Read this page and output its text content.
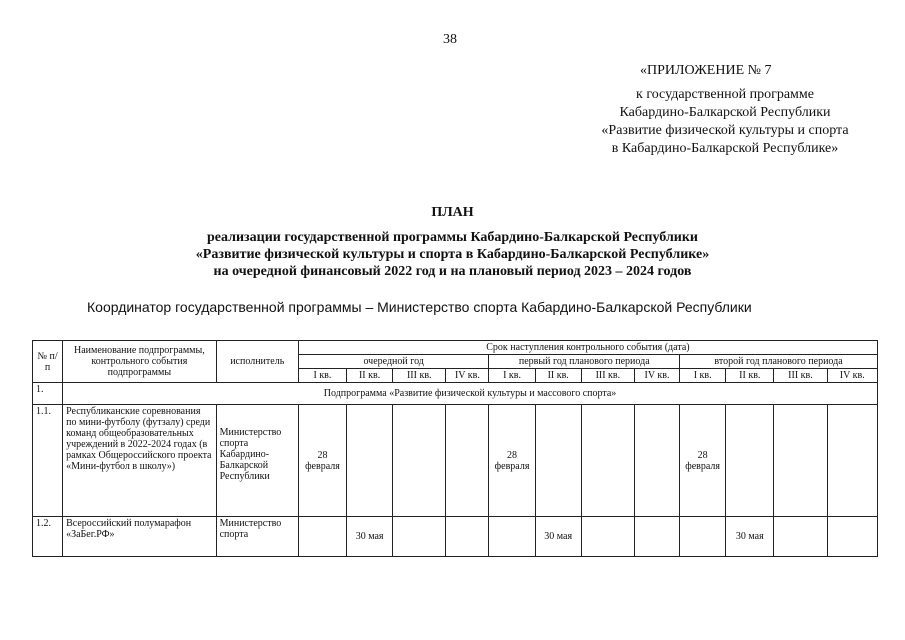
38
«ПРИЛОЖЕНИЕ № 7
к государственной программе
Кабардино-Балкарской Республики
«Развитие физической культуры и спорта
в Кабардино-Балкарской Республике»
ПЛАН
реализации государственной программы Кабардино-Балкарской Республики
«Развитие физической культуры и спорта в Кабардино-Балкарской Республике»
на очередной финансовый 2022 год и на плановый период 2023 – 2024 годов
Координатор государственной программы – Министерство спорта Кабардино-Балкарской Республики
№ п/п	Наименование подпрограммы, контрольного события подпрограммы	исполнитель	Срок наступления контрольного события (дата)											
			очередной год				первый год планового периода				второй год планового периода			
			I кв.	II кв.	III кв.	IV кв.	I кв.	II кв.	III кв.	IV кв.	I кв.	II кв.	III кв.	IV кв.
1.	Подпрограмма «Развитие физической культуры и массового спорта»													
1.1.	Республиканские соревнования по мини-футболу (футзалу) среди команд общеобразовательных учреждений в 2022-2024 годах (в рамках Общероссийского проекта «Мини-футбол в школу»)	Министерство спорта Кабардино-Балкарской Республики	28 февраля				28 февраля				28 февраля			
1.2.	Всероссийский полумарафон «ЗаБег.РФ»	Министерство спорта		30 мая				30 мая				30 мая		
